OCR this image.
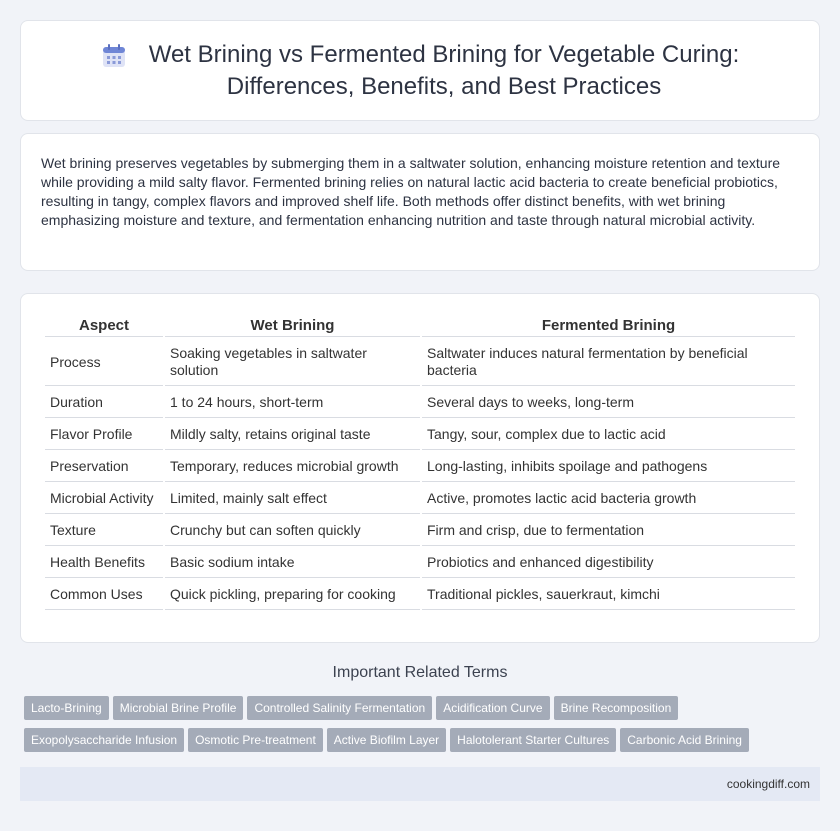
Wet Brining vs Fermented Brining for Vegetable Curing:
Differences, Benefits, and Best Practices

Wet brining preserves vegetables by submerging them in a saltwater solution, enhancing moisture retention and texture while providing a mild salty flavor. Fermented brining relies on natural lactic acid bacteria to create beneficial probiotics, resulting in tangy, complex flavors and improved shelf life. Both methods offer distinct benefits, with wet brining emphasizing moisture and texture, and fermentation enhancing nutrition and taste through natural microbial activity.

Aspect	Wet Brining	Fermented Brining
Process	Soaking vegetables in saltwater solution	Saltwater induces natural fermentation by beneficial bacteria
Duration	1 to 24 hours, short-term	Several days to weeks, long-term
Flavor Profile	Mildly salty, retains original taste	Tangy, sour, complex due to lactic acid
Preservation	Temporary, reduces microbial growth	Long-lasting, inhibits spoilage and pathogens
Microbial Activity	Limited, mainly salt effect	Active, promotes lactic acid bacteria growth
Texture	Crunchy but can soften quickly	Firm and crisp, due to fermentation
Health Benefits	Basic sodium intake	Probiotics and enhanced digestibility
Common Uses	Quick pickling, preparing for cooking	Traditional pickles, sauerkraut, kimchi
Important Related Terms
Lacto-Brining Microbial Brine Profile Controlled Salinity Fermentation Acidification Curve Brine RecompositionExopolysaccharide Infusion Osmotic Pre-treatment Active Biofilm Layer Halotolerant Starter Cultures Carbonic Acid Brining
cookingdiff.com
